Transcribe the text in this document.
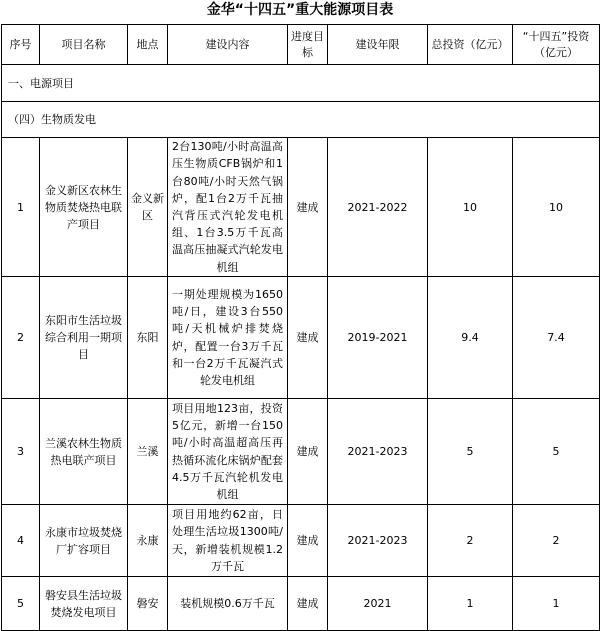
金华“十四五”重大能源项目表
序号	项目名称	地点	建设内容	进度目标	建设年限	总投资（亿元）	“十四五”投资（亿元）
一、电源项目							
（四）生物质发电							
1	金义新区农林生物质焚烧热电联产项目	金义新区	2台130吨/小时高温高压生物质CFB锅炉和1台80吨/小时天然气锅炉，配1台2万千瓦抽汽背压式汽轮发电机组、1台3.5万千瓦高温高压抽凝式汽轮发电机组	建成	2021-2022	10	10
2	东阳市生活垃圾综合利用一期项目	东阳	一期处理规模为1650吨/日，建设3台550吨/天机械炉排焚烧炉，配置一台3万千瓦和一台2万千瓦凝汽式轮发电机组	建成	2019-2021	9.4	7.4
3	兰溪农林生物质热电联产项目	兰溪	项目用地123亩，投资5亿元，新增一台150吨/小时高温超高压再热循环流化床锅炉配套4.5万千瓦汽轮机发电机组	建成	2021-2023	5	5
4	永康市垃圾焚烧厂扩容项目	永康	项目用地约62亩，日处理生活垃圾1300吨/天，新增装机规模1.2万千瓦	建成	2021-2023	2	2
5	磐安县生活垃圾焚烧发电项目	磐安	装机规模0.6万千瓦	建成	2021	1	1
